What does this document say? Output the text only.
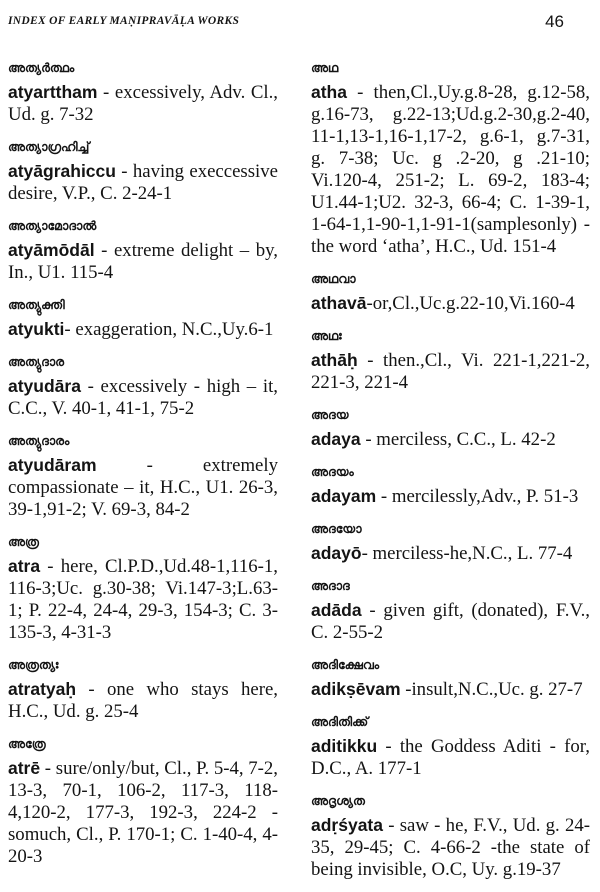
INDEX OF EARLY MAṆIPRAVĀḶA WORKS	46
അത്യർത്ഥം
atyarttham - excessively, Adv. Cl., Ud. g. 7-32
അത്യാഗ്രഹിച്ച്
atyāgrahiccu - having execcessive desire, V.P., C. 2-24-1
അത്യാമോദാൽ
atyāmōdāl - extreme delight – by, In., U1. 115-4
അത്യുക്തി
atyukti- exaggeration, N.C.,Uy.6-1
അത്യുദാര
atyudāra - excessively - high – it, C.C., V. 40-1, 41-1, 75-2
അത്യുദാരം
atyudāram - extremely compassionate – it, H.C., U1. 26-3, 39-1,91-2; V. 69-3, 84-2
അത്ര
atra - here, Cl.P.D.,Ud.48-1,116-1, 116-3;Uc. g.30-38; Vi.147-3;L.63-1; P. 22-4, 24-4, 29-3, 154-3; C. 3-135-3, 4-31-3
അത്രത്യഃ
atratyaḥ - one who stays here, H.C., Ud. g. 25-4
അത്രേ
atrē - sure/only/but, Cl., P. 5-4, 7-2, 13-3, 70-1, 106-2, 117-3, 118-4,120-2, 177-3, 192-3, 224-2 -somuch, Cl., P. 170-1; C. 1-40-4, 4-20-3
അഥ
atha - then,Cl.,Uy.g.8-28, g.12-58, g.16-73, g.22-13;Ud.g.2-30,g.2-40, 11-1,13-1,16-1,17-2, g.6-1, g.7-31, g. 7-38; Uc. g .2-20, g .21-10; Vi.120-4, 251-2; L. 69-2, 183-4; U1.44-1;U2. 32-3, 66-4; C. 1-39-1, 1-64-1,1-90-1,1-91-1(samplesonly) - the word ‘atha’, H.C., Ud. 151-4
അഥവാ
athavā-or,Cl.,Uc.g.22-10,Vi.160-4
അഥഃ
athāḥ - then.,Cl., Vi. 221-1,221-2, 221-3, 221-4
അദയ
adaya - merciless, C.C., L. 42-2
അദയം
adayam - mercilessly,Adv., P. 51-3
അദയോ
adayō- merciless-he,N.C., L. 77-4
അദാദ
adāda - given gift, (donated), F.V., C. 2-55-2
അദിക്ഷേവം
adikṣēvam -insult,N.C.,Uc. g. 27-7
അദിതിക്ക്
aditikku - the Goddess Aditi - for, D.C., A. 177-1
അദൃശ്യത
adṛśyata - saw - he, F.V., Ud. g. 24-35, 29-45; C. 4-66-2 -the state of being invisible, O.C, Uy. g.19-37
